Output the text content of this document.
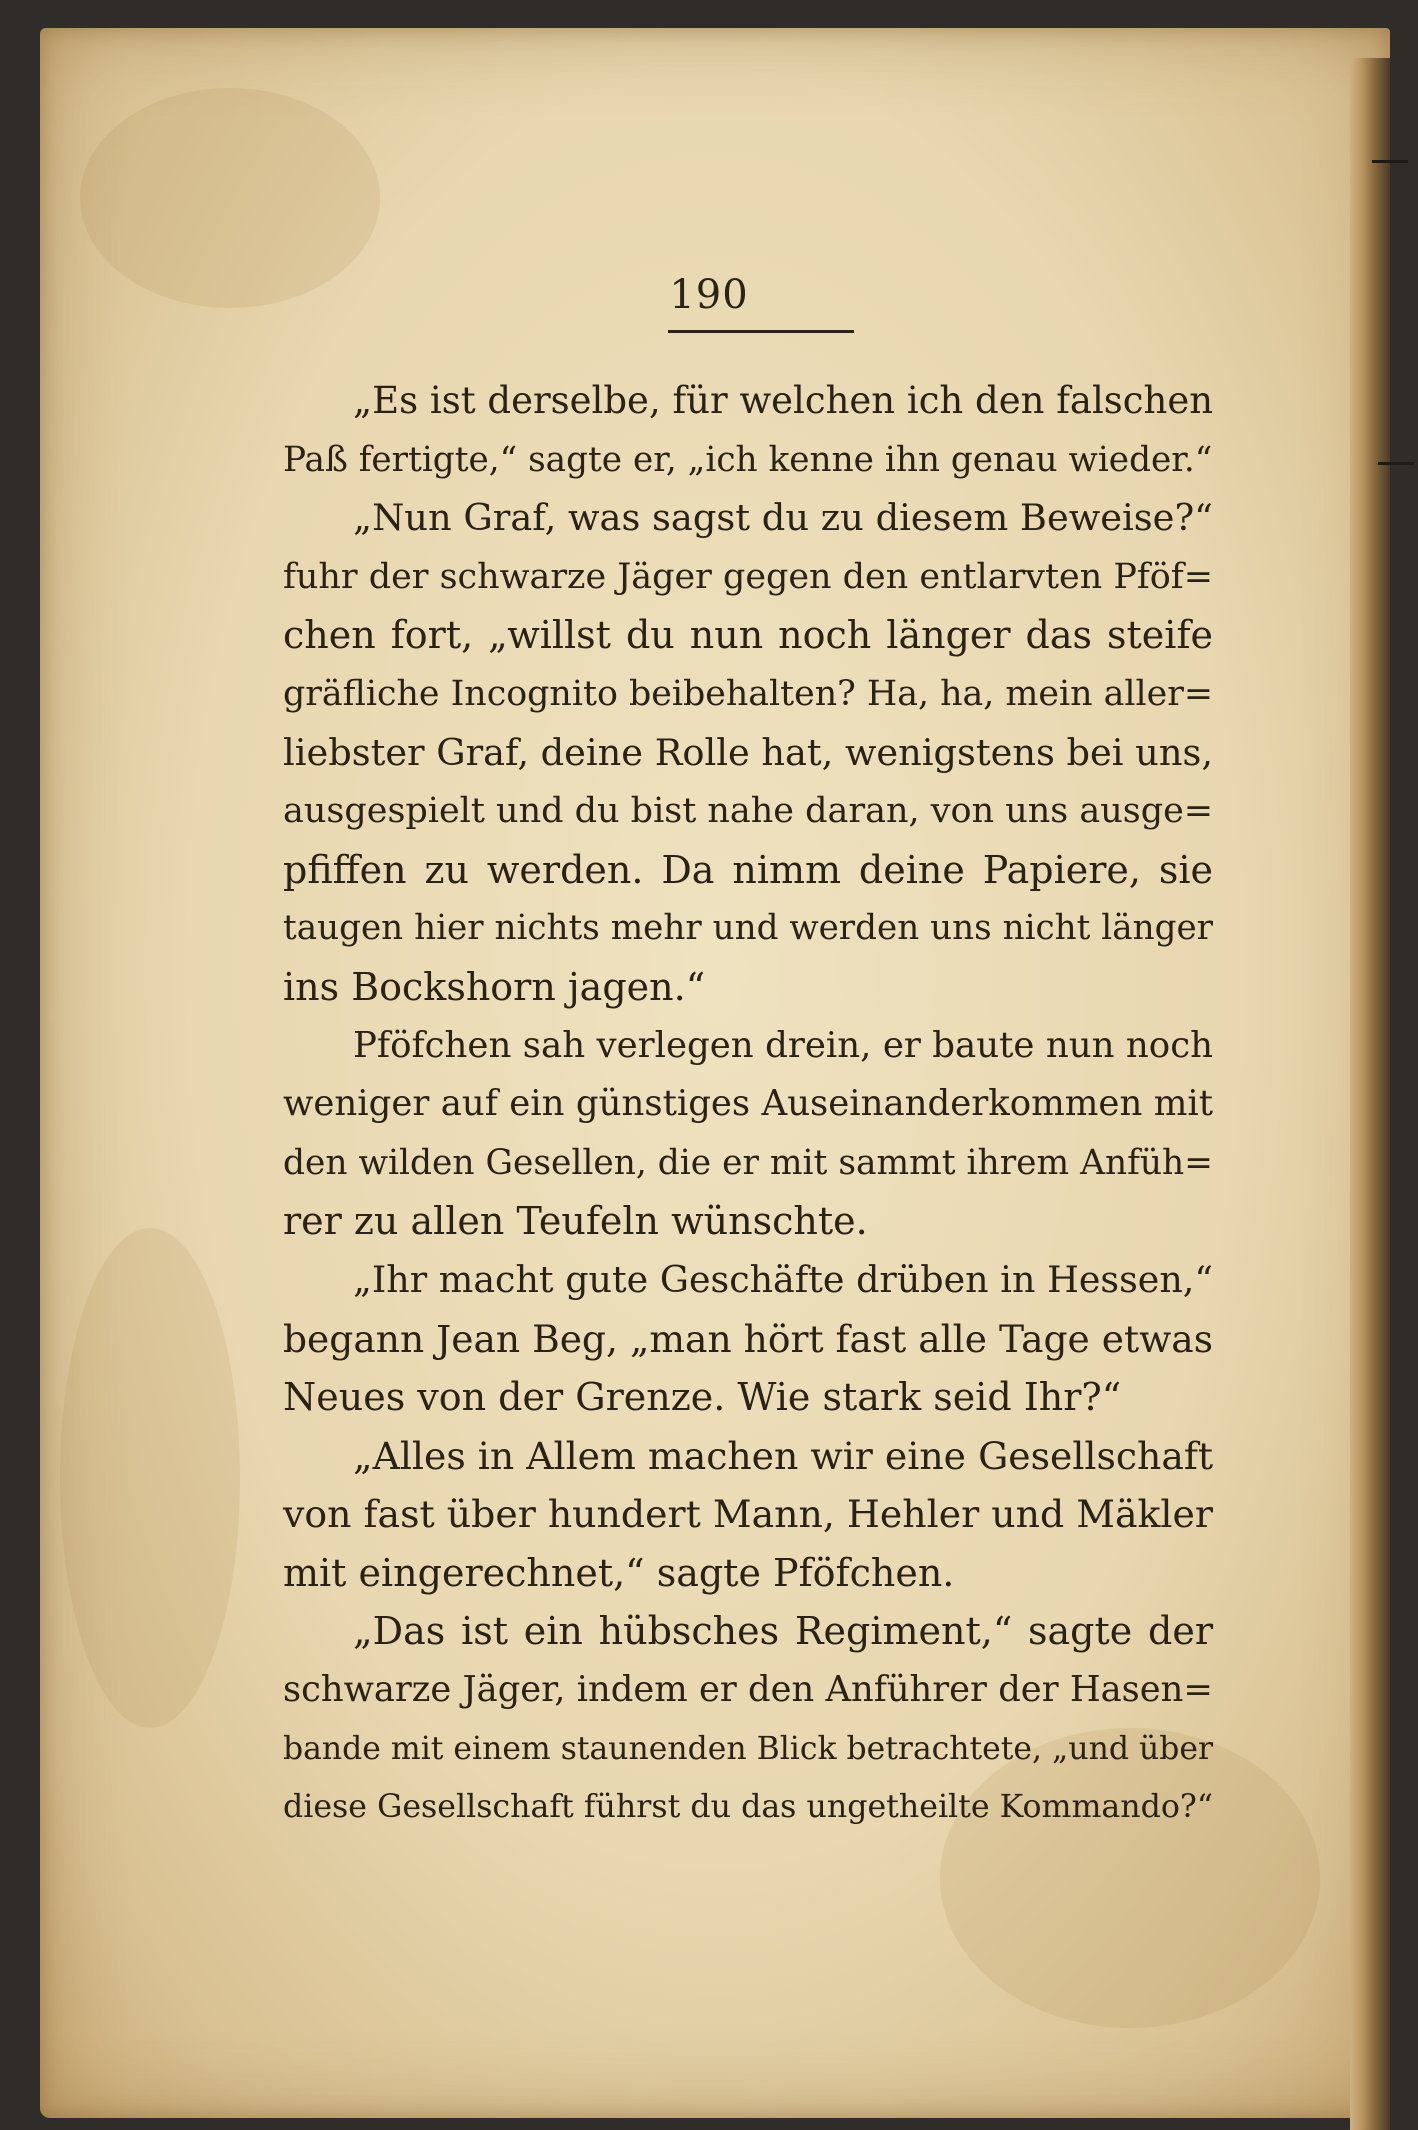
190
„Es ist derselbe, für welchen ich den falschen
Paß fertigte,“ sagte er, „ich kenne ihn genau wieder.“
„Nun Graf, was sagst du zu diesem Beweise?“
fuhr der schwarze Jäger gegen den entlarvten Pföf=
chen fort, „willst du nun noch länger das steife
gräfliche Incognito beibehalten? Ha, ha, mein aller=
liebster Graf, deine Rolle hat, wenigstens bei uns,
ausgespielt und du bist nahe daran, von uns ausge=
pfiffen zu werden. Da nimm deine Papiere, sie
taugen hier nichts mehr und werden uns nicht länger
ins Bockshorn jagen.“
Pföfchen sah verlegen drein, er baute nun noch
weniger auf ein günstiges Auseinanderkommen mit
den wilden Gesellen, die er mit sammt ihrem Anfüh=
rer zu allen Teufeln wünschte.
„Ihr macht gute Geschäfte drüben in Hessen,“
begann Jean Beg, „man hört fast alle Tage etwas
Neues von der Grenze. Wie stark seid Ihr?“
„Alles in Allem machen wir eine Gesellschaft
von fast über hundert Mann, Hehler und Mäkler
mit eingerechnet,“ sagte Pföfchen.
„Das ist ein hübsches Regiment,“ sagte der
schwarze Jäger, indem er den Anführer der Hasen=
bande mit einem staunenden Blick betrachtete, „und über
diese Gesellschaft führst du das ungetheilte Kommando?“
